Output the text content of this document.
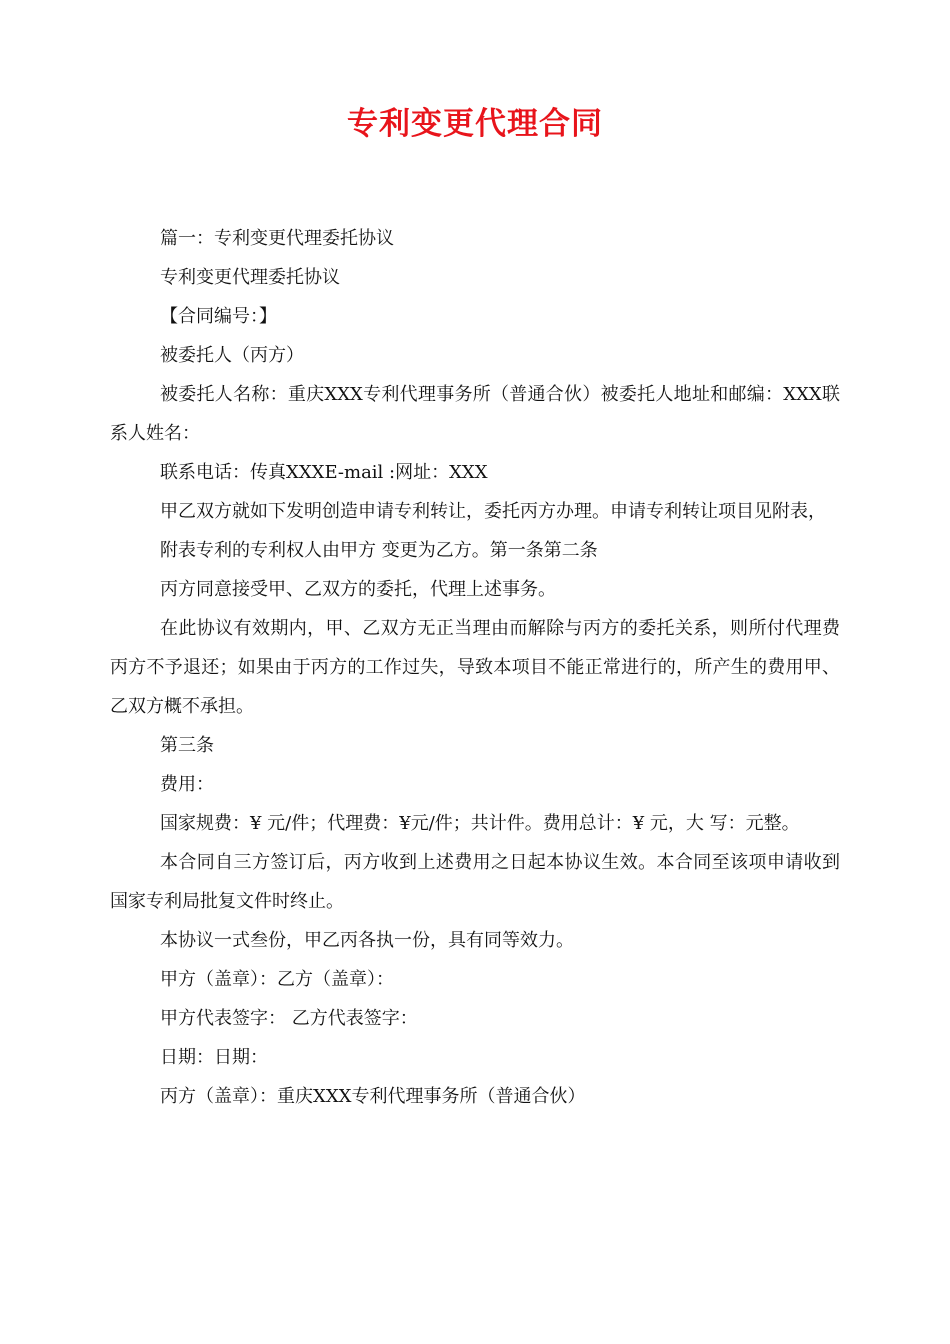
专利变更代理合同

篇一：专利变更代理委托协议

专利变更代理委托协议

【合同编号：】

被委托人（丙方）

被委托人名称：重庆XXX专利代理事务所（普通合伙）被委托人地址和邮编：XXX联系人姓名：

联系电话：传真XXXE-mail :网址：XXX

甲乙双方就如下发明创造申请专利转让，委托丙方办理。申请专利转让项目见附表，

附表专利的专利权人由甲方 变更为乙方。第一条第二条

丙方同意接受甲、乙双方的委托，代理上述事务。

在此协议有效期内，甲、乙双方无正当理由而解除与丙方的委托关系，则所付代理费丙方不予退还；如果由于丙方的工作过失，导致本项目不能正常进行的，所产生的费用甲、乙双方概不承担。

第三条

费用：

国家规费：¥ 元/件；代理费：¥元/件；共计件。费用总计：¥ 元，大 写：元整。

本合同自三方签订后，丙方收到上述费用之日起本协议生效。本合同至该项申请收到国家专利局批复文件时终止。

本协议一式叁份，甲乙丙各执一份，具有同等效力。

甲方（盖章）：乙方（盖章）：

甲方代表签字： 乙方代表签字：

日期：日期：

丙方（盖章）：重庆XXX专利代理事务所（普通合伙）
